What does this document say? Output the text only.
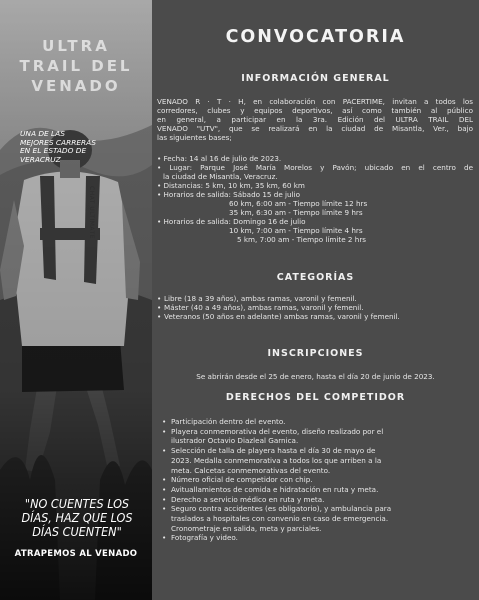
CHAT ULTIMATE
ULTRA
TRAIL DEL
VENADO
UNA DE LAS
MEJORES CARRERAS
EN EL ESTADO DE
VERACRUZ
"NO CUENTES LOS
DÍAS, HAZ QUE LOS
DÍAS CUENTEN"
ATRAPEMOS AL VENADO
CONVOCATORIA
INFORMACIÓN GENERAL
VENADO R · T · H, en colaboración con PACERTIME, invitan a todos los
corredores, clubes y equipos deportivos, así como también al público
en general, a participar en la 3ra. Edición del ULTRA TRAIL DEL
VENADO "UTV", que se realizará en la ciudad de Misantla, Ver., bajo
las siguientes bases;
• Fecha: 14 al 16 de julio de 2023.
• Lugar: Parque José María Morelos y Pavón; ubicado en el centro de
la ciudad de Misantla, Veracruz.
• Distancias: 5 km, 10 km, 35 km, 60 km
• Horarios de salida: Sábado 15 de julio
60 km, 6:00 am - Tiempo límite 12 hrs
35 km, 6:30 am - Tiempo límite 9 hrs
• Horarios de salida: Domingo 16 de julio
10 km, 7:00 am - Tiempo límite 4 hrs
5 km, 7:00 am - Tiempo límite 2 hrs
CATEGORÍAS
• Libre (18 a 39 años), ambas ramas, varonil y femenil.
• Máster (40 a 49 años), ambas ramas, varonil y femenil.
• Veteranos (50 años en adelante) ambas ramas, varonil y femenil.
INSCRIPCIONES
Se abrirán desde el 25 de enero, hasta el día 20 de junio de 2023.
DERECHOS DEL COMPETIDOR
• Participación dentro del evento.
• Playera conmemorativa del evento, diseño realizado por el
ilustrador Octavio Diazleal Garnica.
• Selección de talla de playera hasta el día 30 de mayo de
2023. Medalla conmemorativa a todos los que arriben a la
meta. Calcetas conmemorativas del evento.
• Número oficial de competidor con chip.
• Avituallamientos de comida e hidratación en ruta y meta.
• Derecho a servicio médico en ruta y meta.
• Seguro contra accidentes (es obligatorio), y ambulancia para
traslados a hospitales con convenio en caso de emergencia.
Cronometraje en salida, meta y parciales.
• Fotografía y video.
